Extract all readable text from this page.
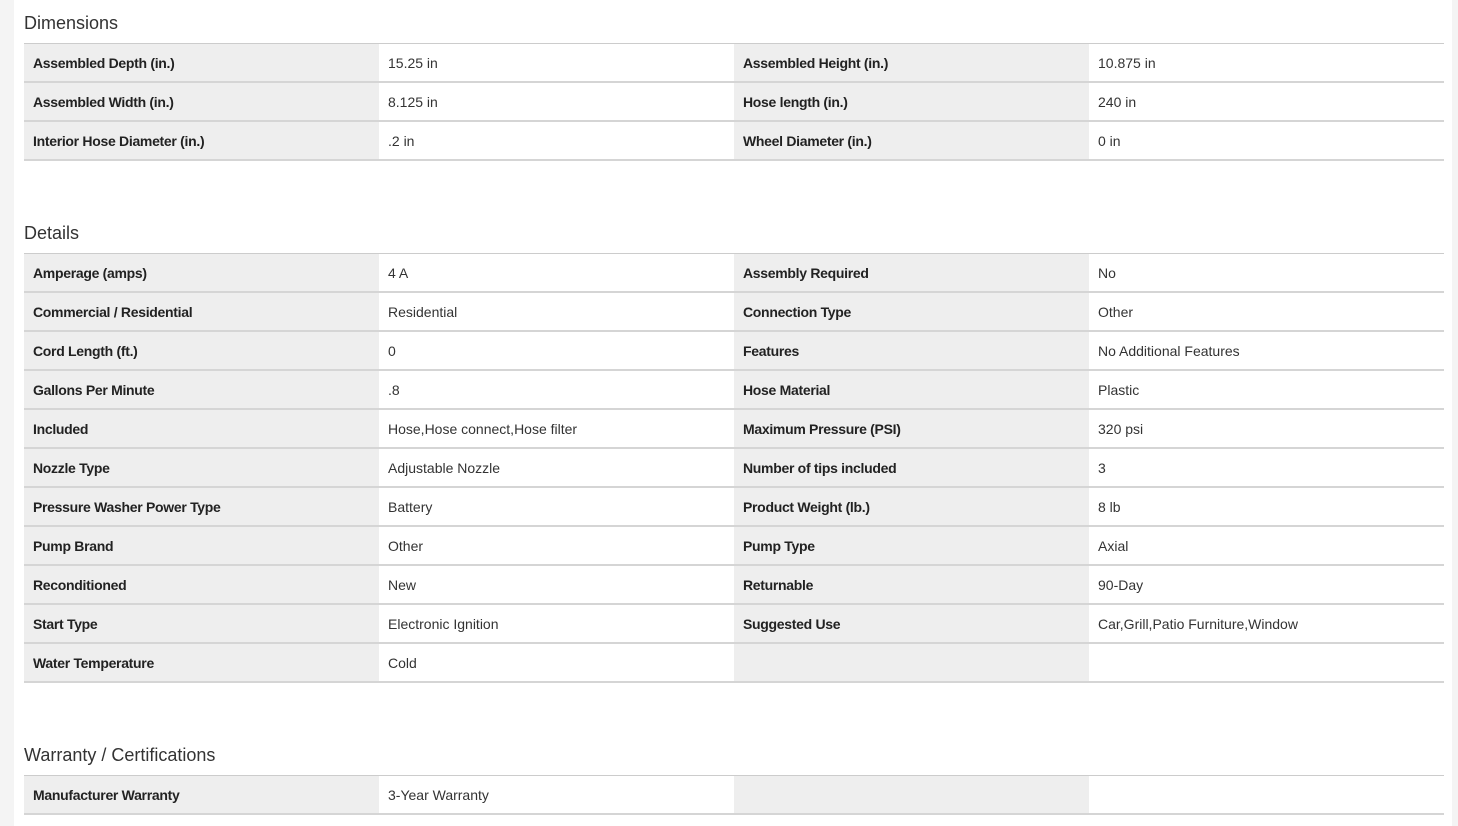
Dimensions
Assembled Depth (in.)	15.25 in	Assembled Height (in.)	10.875 in
Assembled Width (in.)	8.125 in	Hose length (in.)	240 in
Interior Hose Diameter (in.)	.2 in	Wheel Diameter (in.)	0 in
Details
Amperage (amps)	4 A	Assembly Required	No
Commercial / Residential	Residential	Connection Type	Other
Cord Length (ft.)	0	Features	No Additional Features
Gallons Per Minute	.8	Hose Material	Plastic
Included	Hose,Hose connect,Hose filter	Maximum Pressure (PSI)	320 psi
Nozzle Type	Adjustable Nozzle	Number of tips included	3
Pressure Washer Power Type	Battery	Product Weight (lb.)	8 lb
Pump Brand	Other	Pump Type	Axial
Reconditioned	New	Returnable	90-Day
Start Type	Electronic Ignition	Suggested Use	Car,Grill,Patio Furniture,Window
Water Temperature	Cold
Warranty / Certifications
Manufacturer Warranty	3-Year Warranty
